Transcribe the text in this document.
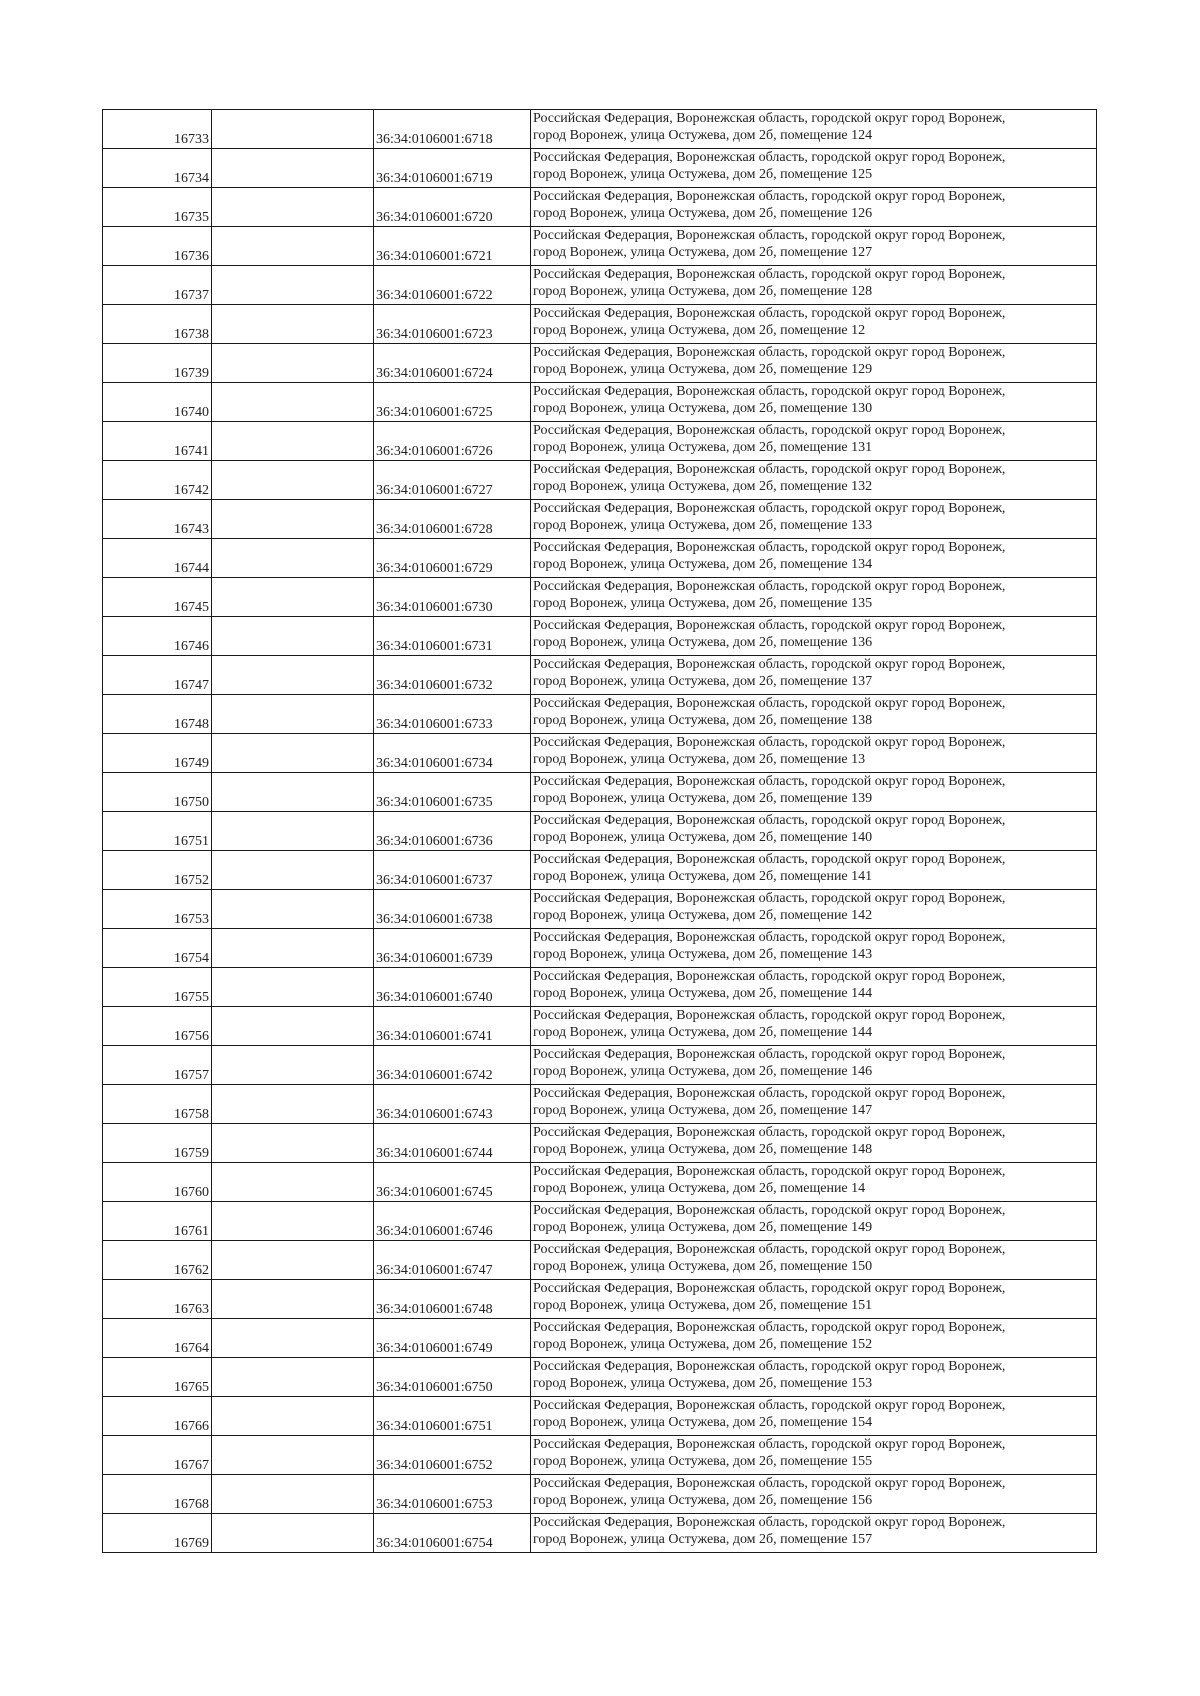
16733		36:34:0106001:6718	Российская Федерация, Воронежская область, городской округ город Воронеж,
город Воронеж, улица Остужева, дом 2б, помещение 124

16734		36:34:0106001:6719	Российская Федерация, Воронежская область, городской округ город Воронеж,
город Воронеж, улица Остужева, дом 2б, помещение 125

16735		36:34:0106001:6720	Российская Федерация, Воронежская область, городской округ город Воронеж,
город Воронеж, улица Остужева, дом 2б, помещение 126

16736		36:34:0106001:6721	Российская Федерация, Воронежская область, городской округ город Воронеж,
город Воронеж, улица Остужева, дом 2б, помещение 127

16737		36:34:0106001:6722	Российская Федерация, Воронежская область, городской округ город Воронеж,
город Воронеж, улица Остужева, дом 2б, помещение 128

16738		36:34:0106001:6723	Российская Федерация, Воронежская область, городской округ город Воронеж,
город Воронеж, улица Остужева, дом 2б, помещение 12

16739		36:34:0106001:6724	Российская Федерация, Воронежская область, городской округ город Воронеж,
город Воронеж, улица Остужева, дом 2б, помещение 129

16740		36:34:0106001:6725	Российская Федерация, Воронежская область, городской округ город Воронеж,
город Воронеж, улица Остужева, дом 2б, помещение 130

16741		36:34:0106001:6726	Российская Федерация, Воронежская область, городской округ город Воронеж,
город Воронеж, улица Остужева, дом 2б, помещение 131

16742		36:34:0106001:6727	Российская Федерация, Воронежская область, городской округ город Воронеж,
город Воронеж, улица Остужева, дом 2б, помещение 132

16743		36:34:0106001:6728	Российская Федерация, Воронежская область, городской округ город Воронеж,
город Воронеж, улица Остужева, дом 2б, помещение 133

16744		36:34:0106001:6729	Российская Федерация, Воронежская область, городской округ город Воронеж,
город Воронеж, улица Остужева, дом 2б, помещение 134

16745		36:34:0106001:6730	Российская Федерация, Воронежская область, городской округ город Воронеж,
город Воронеж, улица Остужева, дом 2б, помещение 135

16746		36:34:0106001:6731	Российская Федерация, Воронежская область, городской округ город Воронеж,
город Воронеж, улица Остужева, дом 2б, помещение 136

16747		36:34:0106001:6732	Российская Федерация, Воронежская область, городской округ город Воронеж,
город Воронеж, улица Остужева, дом 2б, помещение 137

16748		36:34:0106001:6733	Российская Федерация, Воронежская область, городской округ город Воронеж,
город Воронеж, улица Остужева, дом 2б, помещение 138

16749		36:34:0106001:6734	Российская Федерация, Воронежская область, городской округ город Воронеж,
город Воронеж, улица Остужева, дом 2б, помещение 13

16750		36:34:0106001:6735	Российская Федерация, Воронежская область, городской округ город Воронеж,
город Воронеж, улица Остужева, дом 2б, помещение 139

16751		36:34:0106001:6736	Российская Федерация, Воронежская область, городской округ город Воронеж,
город Воронеж, улица Остужева, дом 2б, помещение 140

16752		36:34:0106001:6737	Российская Федерация, Воронежская область, городской округ город Воронеж,
город Воронеж, улица Остужева, дом 2б, помещение 141

16753		36:34:0106001:6738	Российская Федерация, Воронежская область, городской округ город Воронеж,
город Воронеж, улица Остужева, дом 2б, помещение 142

16754		36:34:0106001:6739	Российская Федерация, Воронежская область, городской округ город Воронеж,
город Воронеж, улица Остужева, дом 2б, помещение 143

16755		36:34:0106001:6740	Российская Федерация, Воронежская область, городской округ город Воронеж,
город Воронеж, улица Остужева, дом 2б, помещение 144

16756		36:34:0106001:6741	Российская Федерация, Воронежская область, городской округ город Воронеж,
город Воронеж, улица Остужева, дом 2б, помещение 144

16757		36:34:0106001:6742	Российская Федерация, Воронежская область, городской округ город Воронеж,
город Воронеж, улица Остужева, дом 2б, помещение 146

16758		36:34:0106001:6743	Российская Федерация, Воронежская область, городской округ город Воронеж,
город Воронеж, улица Остужева, дом 2б, помещение 147

16759		36:34:0106001:6744	Российская Федерация, Воронежская область, городской округ город Воронеж,
город Воронеж, улица Остужева, дом 2б, помещение 148

16760		36:34:0106001:6745	Российская Федерация, Воронежская область, городской округ город Воронеж,
город Воронеж, улица Остужева, дом 2б, помещение 14

16761		36:34:0106001:6746	Российская Федерация, Воронежская область, городской округ город Воронеж,
город Воронеж, улица Остужева, дом 2б, помещение 149

16762		36:34:0106001:6747	Российская Федерация, Воронежская область, городской округ город Воронеж,
город Воронеж, улица Остужева, дом 2б, помещение 150

16763		36:34:0106001:6748	Российская Федерация, Воронежская область, городской округ город Воронеж,
город Воронеж, улица Остужева, дом 2б, помещение 151

16764		36:34:0106001:6749	Российская Федерация, Воронежская область, городской округ город Воронеж,
город Воронеж, улица Остужева, дом 2б, помещение 152

16765		36:34:0106001:6750	Российская Федерация, Воронежская область, городской округ город Воронеж,
город Воронеж, улица Остужева, дом 2б, помещение 153

16766		36:34:0106001:6751	Российская Федерация, Воронежская область, городской округ город Воронеж,
город Воронеж, улица Остужева, дом 2б, помещение 154

16767		36:34:0106001:6752	Российская Федерация, Воронежская область, городской округ город Воронеж,
город Воронеж, улица Остужева, дом 2б, помещение 155

16768		36:34:0106001:6753	Российская Федерация, Воронежская область, городской округ город Воронеж,
город Воронеж, улица Остужева, дом 2б, помещение 156

16769		36:34:0106001:6754	Российская Федерация, Воронежская область, городской округ город Воронеж,
город Воронеж, улица Остужева, дом 2б, помещение 157
